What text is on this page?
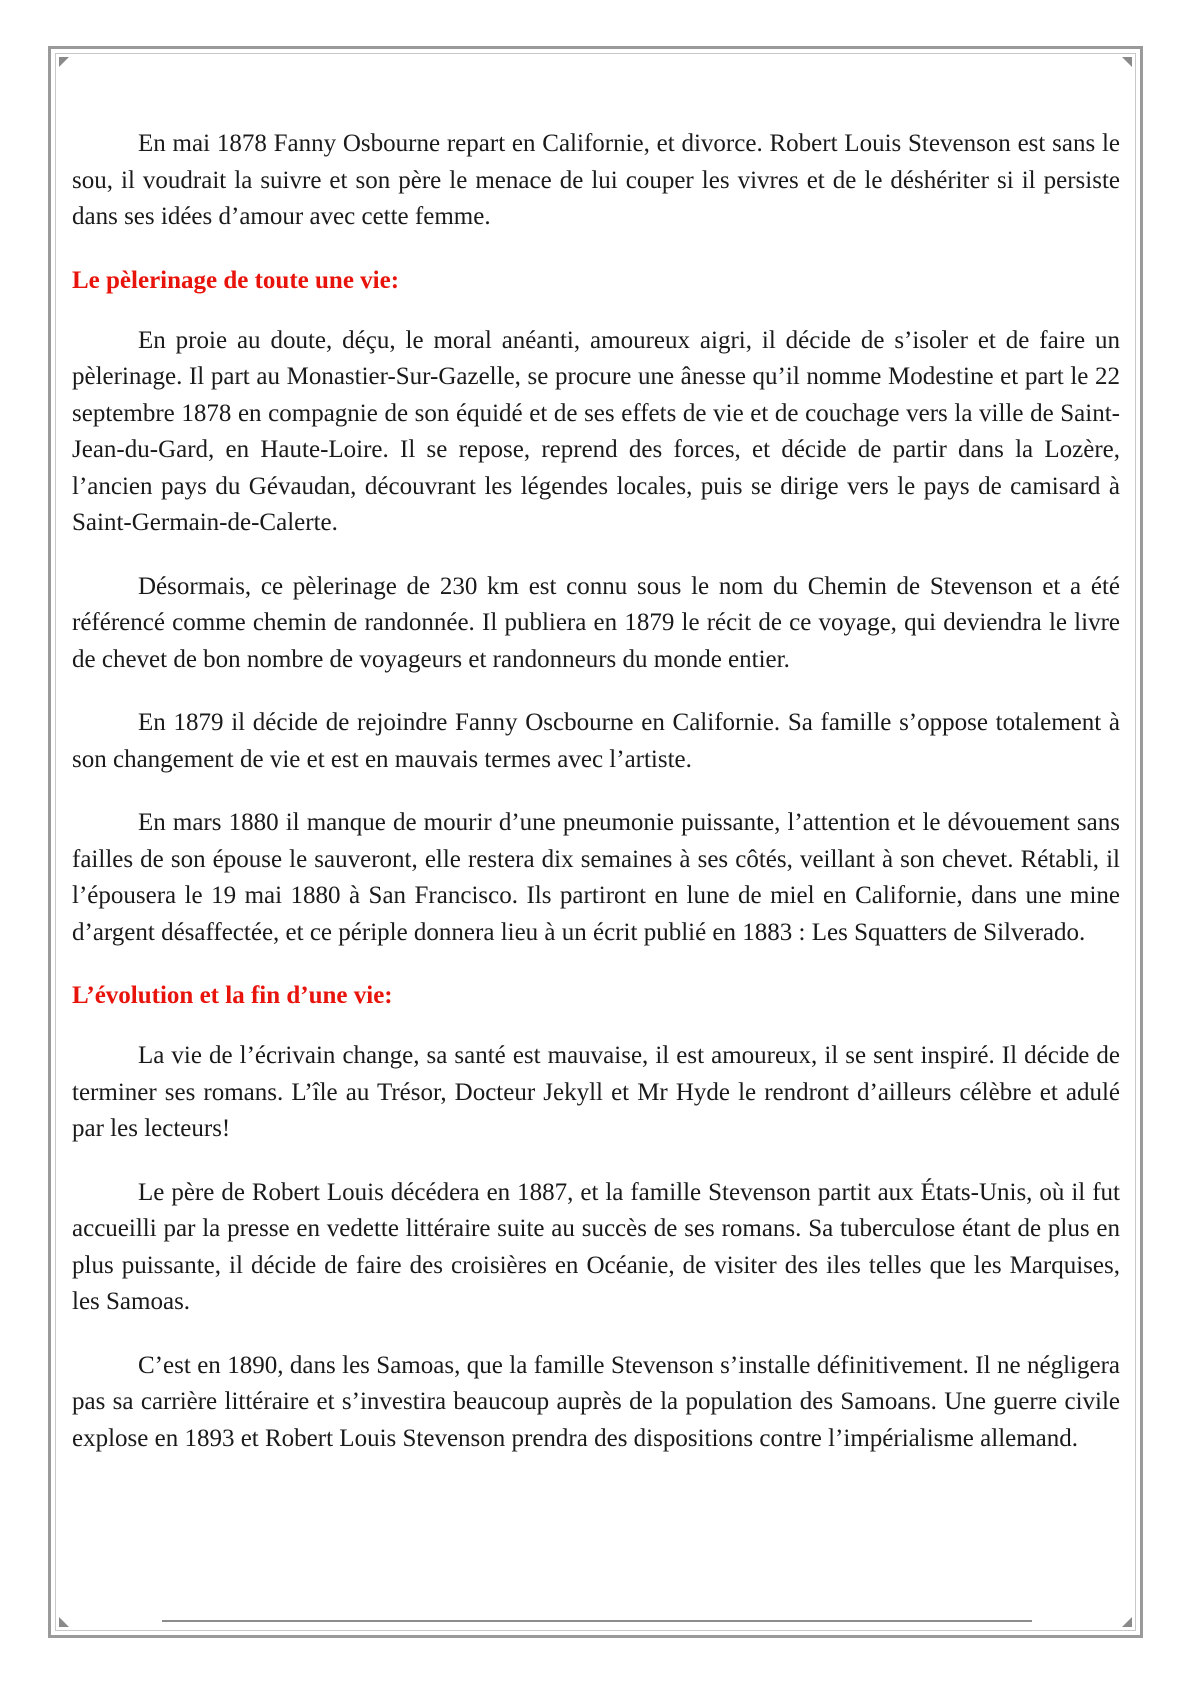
En mai 1878 Fanny Osbourne repart en Californie, et divorce. Robert Louis Stevenson est sans le sou, il voudrait la suivre et son père le menace de lui couper les vivres et de le déshériter si il persiste dans ses idées d’amour avec cette femme.

Le pèlerinage de toute une vie:

En proie au doute, déçu, le moral anéanti, amoureux aigri, il décide de s’isoler et de faire un pèlerinage. Il part au Monastier-Sur-Gazelle, se procure une ânesse qu’il nomme Modestine et part le 22 septembre 1878 en compagnie de son équidé et de ses effets de vie et de couchage vers la ville de Saint-Jean-du-Gard, en Haute-Loire. Il se repose, reprend des forces, et décide de partir dans la Lozère, l’ancien pays du Gévaudan, découvrant les légendes locales, puis se dirige vers le pays de camisard à Saint-Germain-de-Calerte.

Désormais, ce pèlerinage de 230 km est connu sous le nom du Chemin de Stevenson et a été référencé comme chemin de randonnée. Il publiera en 1879 le récit de ce voyage, qui deviendra le livre de chevet de bon nombre de voyageurs et randonneurs du monde entier.

En 1879 il décide de rejoindre Fanny Oscbourne en Californie. Sa famille s’oppose totalement à son changement de vie et est en mauvais termes avec l’artiste.

En mars 1880 il manque de mourir d’une pneumonie puissante, l’attention et le dévouement sans failles de son épouse le sauveront, elle restera dix semaines à ses côtés, veillant à son chevet. Rétabli, il l’épousera le 19 mai 1880 à San Francisco. Ils partiront en lune de miel en Californie, dans une mine d’argent désaffectée, et ce périple donnera lieu à un écrit publié en 1883 : Les Squatters de Silverado.

L’évolution et la fin d’une vie:

La vie de l’écrivain change, sa santé est mauvaise, il est amoureux, il se sent inspiré. Il décide de terminer ses romans. L’île au Trésor, Docteur Jekyll et Mr Hyde le rendront d’ailleurs célèbre et adulé par les lecteurs!

Le père de Robert Louis décédera en 1887, et la famille Stevenson partit aux États-Unis, où il fut accueilli par la presse en vedette littéraire suite au succès de ses romans. Sa tuberculose étant de plus en plus puissante, il décide de faire des croisières en Océanie, de visiter des iles telles que les Marquises, les Samoas.

C’est en 1890, dans les Samoas, que la famille Stevenson s’installe définitivement. Il ne négligera pas sa carrière littéraire et s’investira beaucoup auprès de la population des Samoans. Une guerre civile explose en 1893 et Robert Louis Stevenson prendra des dispositions contre l’impérialisme allemand.
